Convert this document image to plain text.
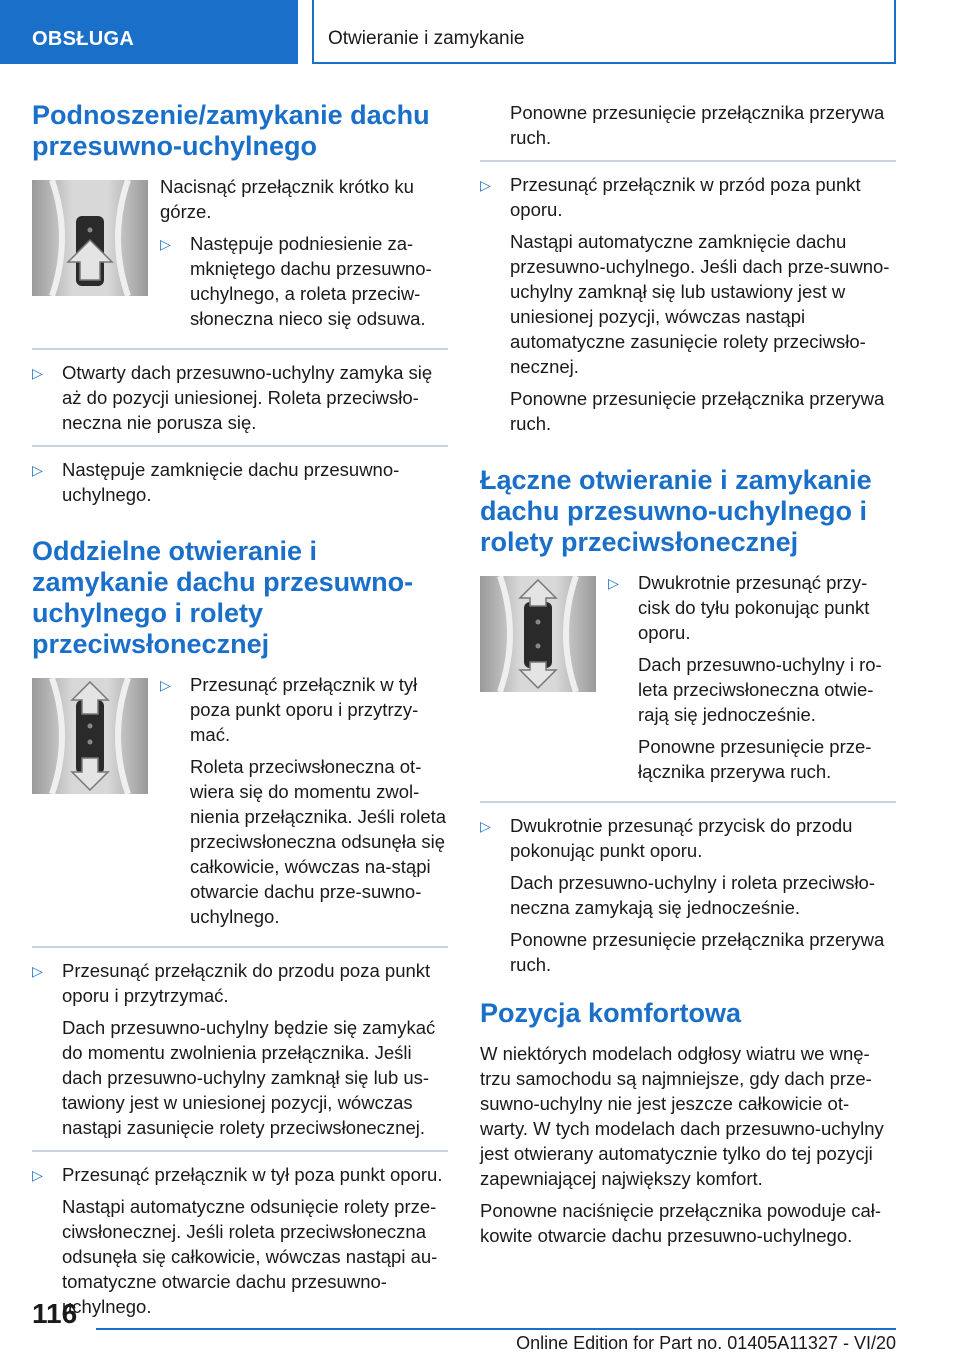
OBSŁUGA	Otwieranie i zamykanie
Podnoszenie/zamykanie dachu przesuwno-uchylnego
Nacisnąć przełącznik krótko ku górze.
▷ Następuje podniesienie za-mkniętego dachu przesuwno-uchylnego, a roleta przeciw-słoneczna nieco się odsuwa.
▷ Otwarty dach przesuwno-uchylny zamyka się aż do pozycji uniesionej. Roleta przeciwsło-neczna nie porusza się.
▷ Następuje zamknięcie dachu przesuwno-uchylnego.
Oddzielne otwieranie i zamykanie dachu przesuwno-uchylnego i rolety przeciwsłonecznej
▷ Przesunąć przełącznik w tył poza punkt oporu i przytrzy-mać.
Roleta przeciwsłoneczna ot-wiera się do momentu zwol-nienia przełącznika. Jeśli roleta przeciwsłoneczna odsunęła się całkowicie, wówczas na-stąpi otwarcie dachu prze-suwno-uchylnego.
▷ Przesunąć przełącznik do przodu poza punkt oporu i przytrzymać.
Dach przesuwno-uchylny będzie się zamykać do momentu zwolnienia przełącznika. Jeśli dach przesuwno-uchylny zamknął się lub us-tawiony jest w uniesionej pozycji, wówczas nastąpi zasunięcie rolety przeciwsłonecznej.
▷ Przesunąć przełącznik w tył poza punkt oporu.
Nastąpi automatyczne odsunięcie rolety prze-ciwsłonecznej. Jeśli roleta przeciwsłoneczna odsunęła się całkowicie, wówczas nastąpi au-tomatyczne otwarcie dachu przesuwno-uchylnego.
Ponowne przesunięcie przełącznika przerywa ruch.
▷ Przesunąć przełącznik w przód poza punkt oporu.
Nastąpi automatyczne zamknięcie dachu przesuwno-uchylnego. Jeśli dach prze-suwno-uchylny zamknął się lub ustawiony jest w uniesionej pozycji, wówczas nastąpi automatyczne zasunięcie rolety przeciwsło-necznej.
Ponowne przesunięcie przełącznika przerywa ruch.
Łączne otwieranie i zamykanie dachu przesuwno-uchylnego i rolety przeciwsłonecznej
▷ Dwukrotnie przesunąć przy-cisk do tyłu pokonując punkt oporu.
Dach przesuwno-uchylny i ro-leta przeciwsłoneczna otwie-rają się jednocześnie.
Ponowne przesunięcie prze-łącznika przerywa ruch.
▷ Dwukrotnie przesunąć przycisk do przodu pokonując punkt oporu.
Dach przesuwno-uchylny i roleta przeciwsło-neczna zamykają się jednocześnie.
Ponowne przesunięcie przełącznika przerywa ruch.
Pozycja komfortowa
W niektórych modelach odgłosy wiatru we wnę-trzu samochodu są najmniejsze, gdy dach prze-suwno-uchylny nie jest jeszcze całkowicie ot-warty. W tych modelach dach przesuwno-uchylny jest otwierany automatycznie tylko do tej pozycji zapewniającej największy komfort.
Ponowne naciśnięcie przełącznika powoduje cał-kowite otwarcie dachu przesuwno-uchylnego.
116
Online Edition for Part no. 01405A11327 - VI/20
